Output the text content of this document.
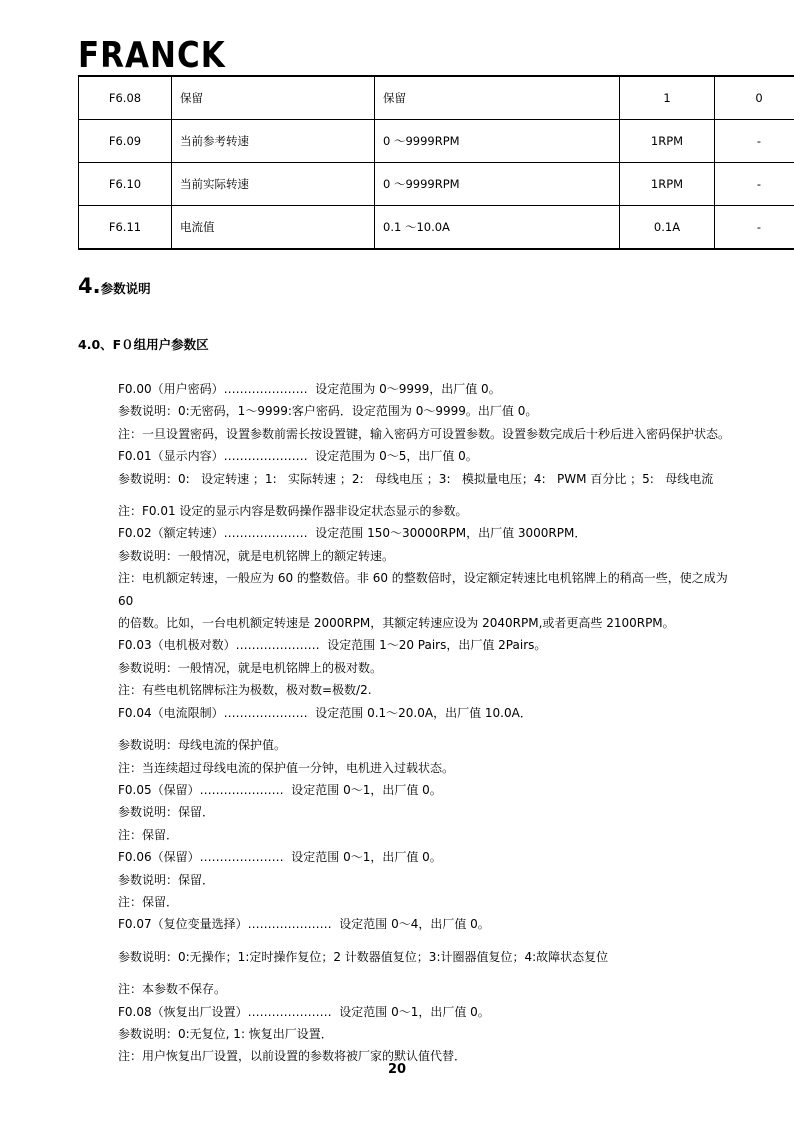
FRANCK
F6.08	保留	保留	1	0
F6.09	当前参考转速	0 ～9999RPM	1RPM	-
F6.10	当前实际转速	0 ～9999RPM	1RPM	-
F6.11	电流值	0.1 ～10.0A	0.1A	-
4.参数说明
4.0、F０组用户参数区
F0.00（用户密码）…………………  设定范围为 0～9999，出厂值 0。
参数说明：0:无密码，1～9999:客户密码．设定范围为 0～9999。出厂值 0。
注：一旦设置密码，设置参数前需长按设置键，输入密码方可设置参数。设置参数完成后十秒后进入密码保护状态。
F0.01（显示内容）…………………  设定范围为 0～5，出厂值 0。
参数说明：0:   设定转速 ；1:   实际转速 ；2:   母线电压 ；3:   模拟量电压；4:   PWM 百分比 ；5:   母线电流
注：F0.01 设定的显示内容是数码操作器非设定状态显示的参数。
F0.02（额定转速）…………………  设定范围 150～30000RPM，出厂值 3000RPM．
参数说明：一般情况，就是电机铭牌上的额定转速。
注：电机额定转速，一般应为 60 的整数倍。非 60 的整数倍时，设定额定转速比电机铭牌上的稍高一些，使之成为 60
的倍数。比如，一台电机额定转速是 2000RPM，其额定转速应设为 2040RPM,或者更高些 2100RPM。
F0.03（电机极对数）…………………  设定范围 1～20 Pairs，出厂值 2Pairs。
参数说明：一般情况，就是电机铭牌上的极对数。
注：有些电机铭牌标注为极数，极对数=极数/2.
F0.04（电流限制）…………………  设定范围 0.1～20.0A，出厂值 10.0A．
参数说明：母线电流的保护值。
注：当连续超过母线电流的保护值一分钟，电机进入过载状态。
F0.05（保留）…………………  设定范围 0～1，出厂值 0。
参数说明：保留．
注：保留．
F0.06（保留）…………………  设定范围 0～1，出厂值 0。
参数说明：保留．
注：保留．
F0.07（复位变量选择）…………………  设定范围 0～4，出厂值 0。
参数说明：0:无操作；1:定时操作复位；2 计数器值复位；3:计圈器值复位；4:故障状态复位
注：本参数不保存。
F0.08（恢复出厂设置）…………………  设定范围 0～1，出厂值 0。
参数说明：0:无复位, 1: 恢复出厂设置．
注：用户恢复出厂设置，以前设置的参数将被厂家的默认值代替．
20
